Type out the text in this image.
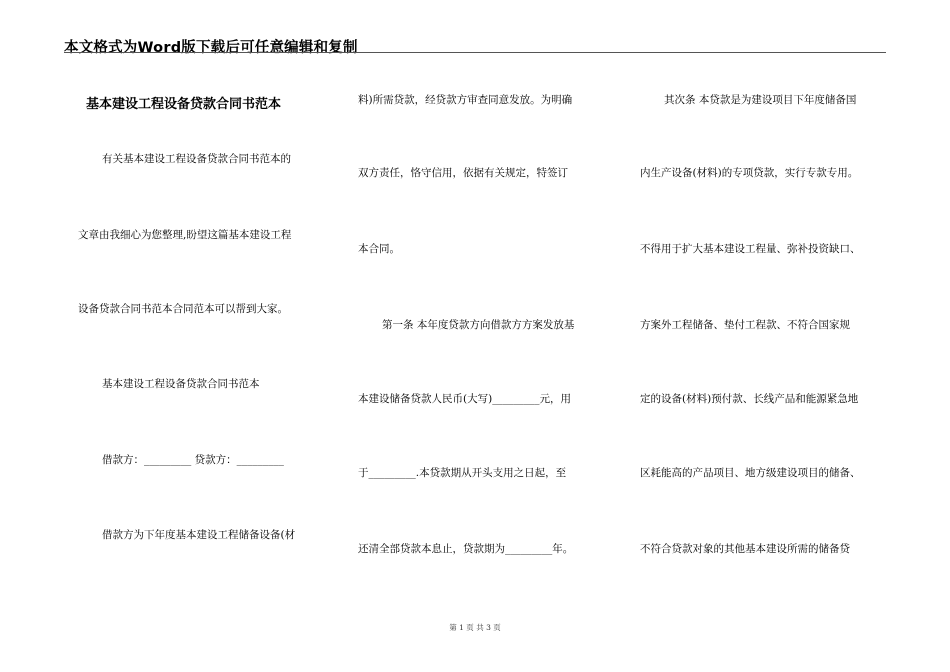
本文格式为Word版下载后可任意编辑和复制
基本建设工程设备贷款合同书范本
有关基本建设工程设备贷款合同书范本的
文章由我细心为您整理,盼望这篇基本建设工程
设备贷款合同书范本合同范本可以帮到大家。
基本建设工程设备贷款合同书范本
借款方：_________ 贷款方：_________
借款方为下年度基本建设工程储备设备(材
料)所需贷款，经贷款方审查同意发放。为明确
双方责任，恪守信用，依据有关规定，特签订
本合同。
第一条 本年度贷款方向借款方方案发放基
本建设储备贷款人民币(大写)_________元，用
于_________.本贷款期从开头支用之日起，至
还清全部贷款本息止，贷款期为_________年。
其次条 本贷款是为建设项目下年度储备国
内生产设备(材料)的专项贷款，实行专款专用。
不得用于扩大基本建设工程量、弥补投资缺口、
方案外工程储备、垫付工程款、不符合国家规
定的设备(材料)预付款、长线产品和能源紧急地
区耗能高的产品项目、地方级建设项目的储备、
不符合贷款对象的其他基本建设所需的储备贷
第 1 页 共 3 页
